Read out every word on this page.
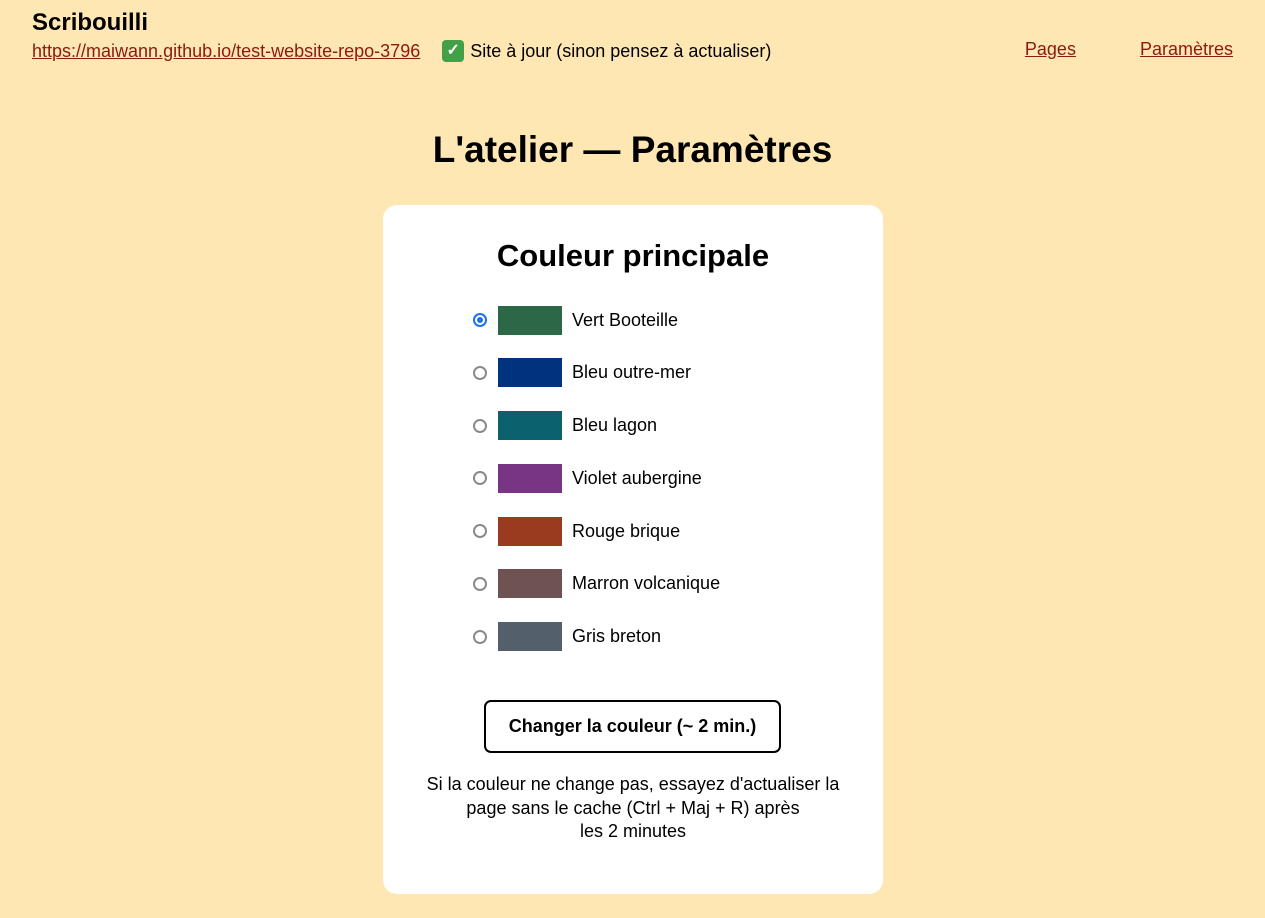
Scribouilli
https://maiwann.github.io/test-website-repo-3796 ✓ Site à jour (sinon pensez à actualiser)	Pages	Paramètres
L'atelier — Paramètres
Couleur principale
Vert Booteille
Bleu outre-mer
Bleu lagon
Violet aubergine
Rouge brique
Marron volcanique
Gris breton
Changer la couleur (~ 2 min.)

Si la couleur ne change pas, essayez d'actualiser la
page sans le cache (Ctrl + Maj + R) après
les 2 minutes
